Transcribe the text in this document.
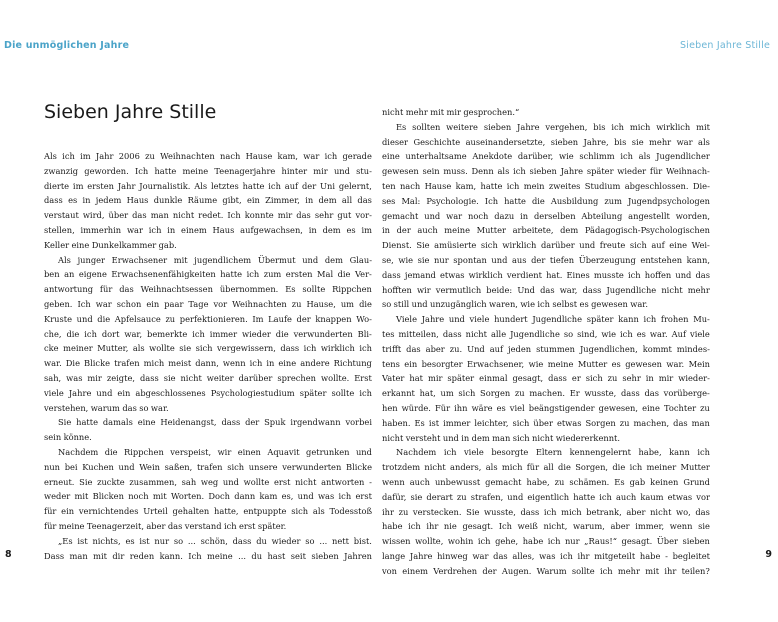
Die unmöglichen Jahre	Sieben Jahre Stille
Sieben Jahre Stille
Als ich im Jahr 2006 zu Weihnachten nach Hause kam, war ich gerade
zwanzig geworden. Ich hatte meine Teenagerjahre hinter mir und stu-
dierte im ersten Jahr Journalistik. Als letztes hatte ich auf der Uni gelernt,
dass es in jedem Haus dunkle Räume gibt, ein Zimmer, in dem all das
verstaut wird, über das man nicht redet. Ich konnte mir das sehr gut vor-
stellen, immerhin war ich in einem Haus aufgewachsen, in dem es im
Keller eine Dunkelkammer gab.
Als junger Erwachsener mit jugendlichem Übermut und dem Glau-
ben an eigene Erwachsenenfähigkeiten hatte ich zum ersten Mal die Ver-
antwortung für das Weihnachtsessen übernommen. Es sollte Rippchen
geben. Ich war schon ein paar Tage vor Weihnachten zu Hause, um die
Kruste und die Apfelsauce zu perfektionieren. Im Laufe der knappen Wo-
che, die ich dort war, bemerkte ich immer wieder die verwunderten Bli-
cke meiner Mutter, als wollte sie sich vergewissern, dass ich wirklich ich
war. Die Blicke trafen mich meist dann, wenn ich in eine andere Richtung
sah, was mir zeigte, dass sie nicht weiter darüber sprechen wollte. Erst
viele Jahre und ein abgeschlossenes Psychologiestudium später sollte ich
verstehen, warum das so war.
Sie hatte damals eine Heidenangst, dass der Spuk irgendwann vorbei
sein könne.
Nachdem die Rippchen verspeist, wir einen Aquavit getrunken und
nun bei Kuchen und Wein saßen, trafen sich unsere verwunderten Blicke
erneut. Sie zuckte zusammen, sah weg und wollte erst nicht antworten -
weder mit Blicken noch mit Worten. Doch dann kam es, und was ich erst
für ein vernichtendes Urteil gehalten hatte, entpuppte sich als Todesstoß
für meine Teenagerzeit, aber das verstand ich erst später.
„Es ist nichts, es ist nur so ... schön, dass du wieder so ... nett bist.
Dass man mit dir reden kann. Ich meine ... du hast seit sieben Jahren
nicht mehr mit mir gesprochen.“
Es sollten weitere sieben Jahre vergehen, bis ich mich wirklich mit
dieser Geschichte auseinandersetzte, sieben Jahre, bis sie mehr war als
eine unterhaltsame Anekdote darüber, wie schlimm ich als Jugendlicher
gewesen sein muss. Denn als ich sieben Jahre später wieder für Weihnach-
ten nach Hause kam, hatte ich mein zweites Studium abgeschlossen. Die-
ses Mal: Psychologie. Ich hatte die Ausbildung zum Jugendpsychologen
gemacht und war noch dazu in derselben Abteilung angestellt worden,
in der auch meine Mutter arbeitete, dem Pädagogisch-Psychologischen
Dienst. Sie amüsierte sich wirklich darüber und freute sich auf eine Wei-
se, wie sie nur spontan und aus der tiefen Überzeugung entstehen kann,
dass jemand etwas wirklich verdient hat. Eines musste ich hoffen und das
hofften wir vermutlich beide: Und das war, dass Jugendliche nicht mehr
so still und unzugänglich waren, wie ich selbst es gewesen war.
Viele Jahre und viele hundert Jugendliche später kann ich frohen Mu-
tes mitteilen, dass nicht alle Jugendliche so sind, wie ich es war. Auf viele
trifft das aber zu. Und auf jeden stummen Jugendlichen, kommt mindes-
tens ein besorgter Erwachsener, wie meine Mutter es gewesen war. Mein
Vater hat mir später einmal gesagt, dass er sich zu sehr in mir wieder-
erkannt hat, um sich Sorgen zu machen. Er wusste, dass das vorüberge-
hen würde. Für ihn wäre es viel beängstigender gewesen, eine Tochter zu
haben. Es ist immer leichter, sich über etwas Sorgen zu machen, das man
nicht versteht und in dem man sich nicht wiedererkennt.
Nachdem ich viele besorgte Eltern kennengelernt habe, kann ich
trotzdem nicht anders, als mich für all die Sorgen, die ich meiner Mutter
wenn auch unbewusst gemacht habe, zu schämen. Es gab keinen Grund
dafür, sie derart zu strafen, und eigentlich hatte ich auch kaum etwas vor
ihr zu verstecken. Sie wusste, dass ich mich betrank, aber nicht wo, das
habe ich ihr nie gesagt. Ich weiß nicht, warum, aber immer, wenn sie
wissen wollte, wohin ich gehe, habe ich nur „Raus!“ gesagt. Über sieben
lange Jahre hinweg war das alles, was ich ihr mitgeteilt habe - begleitet
von einem Verdrehen der Augen. Warum sollte ich mehr mit ihr teilen?
8	9
